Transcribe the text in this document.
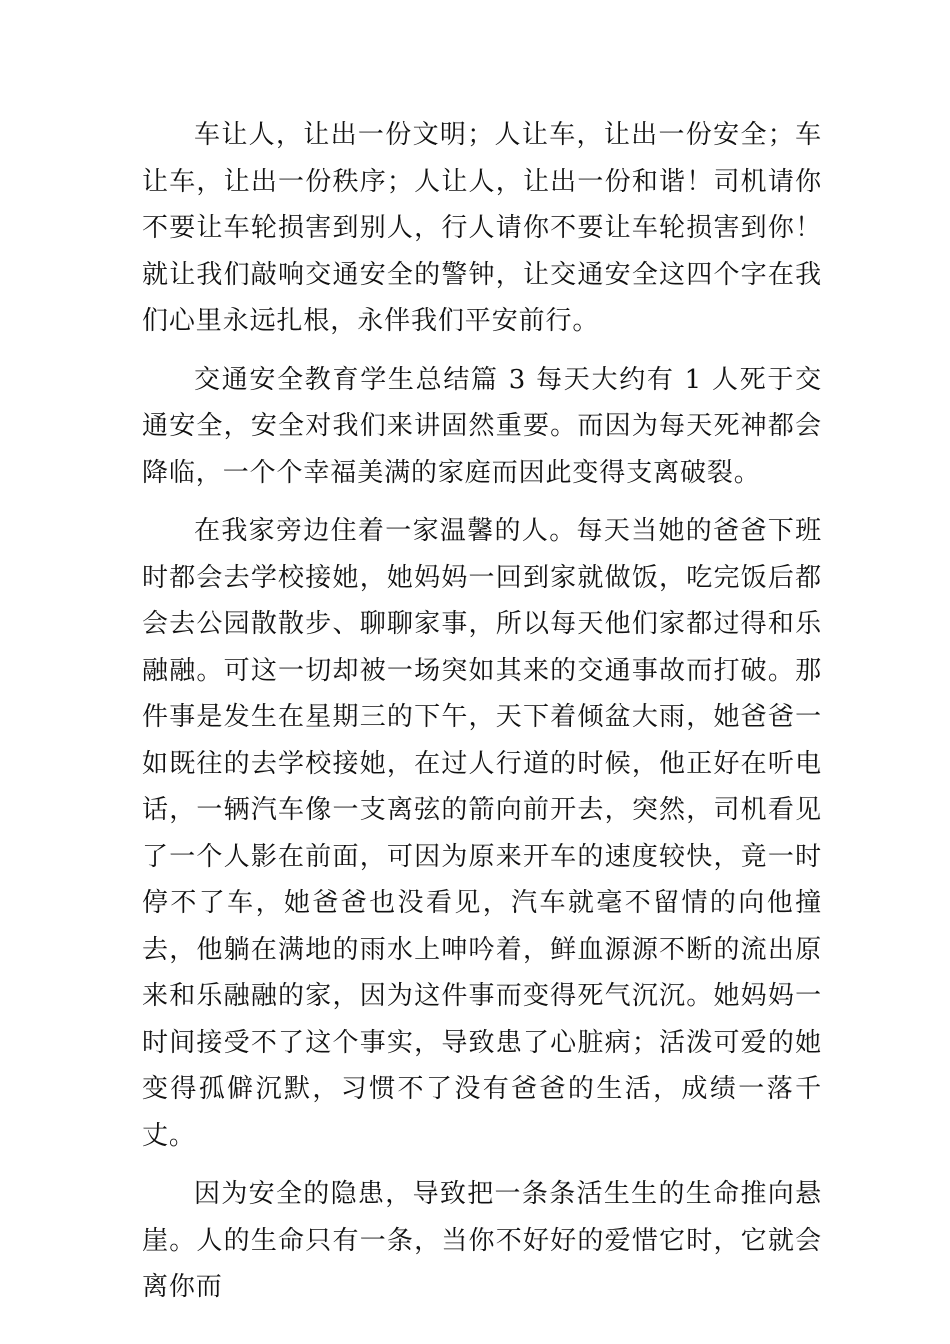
车让人，让出一份文明；人让车，让出一份安全；车让车，让出一份秩序；人让人，让出一份和谐！司机请你不要让车轮损害到别人，行人请你不要让车轮损害到你！就让我们敲响交通安全的警钟，让交通安全这四个字在我们心里永远扎根，永伴我们平安前行。

交通安全教育学生总结篇 3 每天大约有 1 人死于交通安全，安全对我们来讲固然重要。而因为每天死神都会降临，一个个幸福美满的家庭而因此变得支离破裂。

在我家旁边住着一家温馨的人。每天当她的爸爸下班时都会去学校接她，她妈妈一回到家就做饭，吃完饭后都会去公园散散步、聊聊家事，所以每天他们家都过得和乐融融。可这一切却被一场突如其来的交通事故而打破。那件事是发生在星期三的下午，天下着倾盆大雨，她爸爸一如既往的去学校接她，在过人行道的时候，他正好在听电话，一辆汽车像一支离弦的箭向前开去，突然，司机看见了一个人影在前面，可因为原来开车的速度较快，竟一时停不了车，她爸爸也没看见，汽车就毫不留情的向他撞去，他躺在满地的雨水上呻吟着，鲜血源源不断的流出原来和乐融融的家，因为这件事而变得死气沉沉。她妈妈一时间接受不了这个事实，导致患了心脏病；活泼可爱的她变得孤僻沉默，习惯不了没有爸爸的生活，成绩一落千丈。

因为安全的隐患，导致把一条条活生生的生命推向悬崖。人的生命只有一条，当你不好好的爱惜它时，它就会离你而
